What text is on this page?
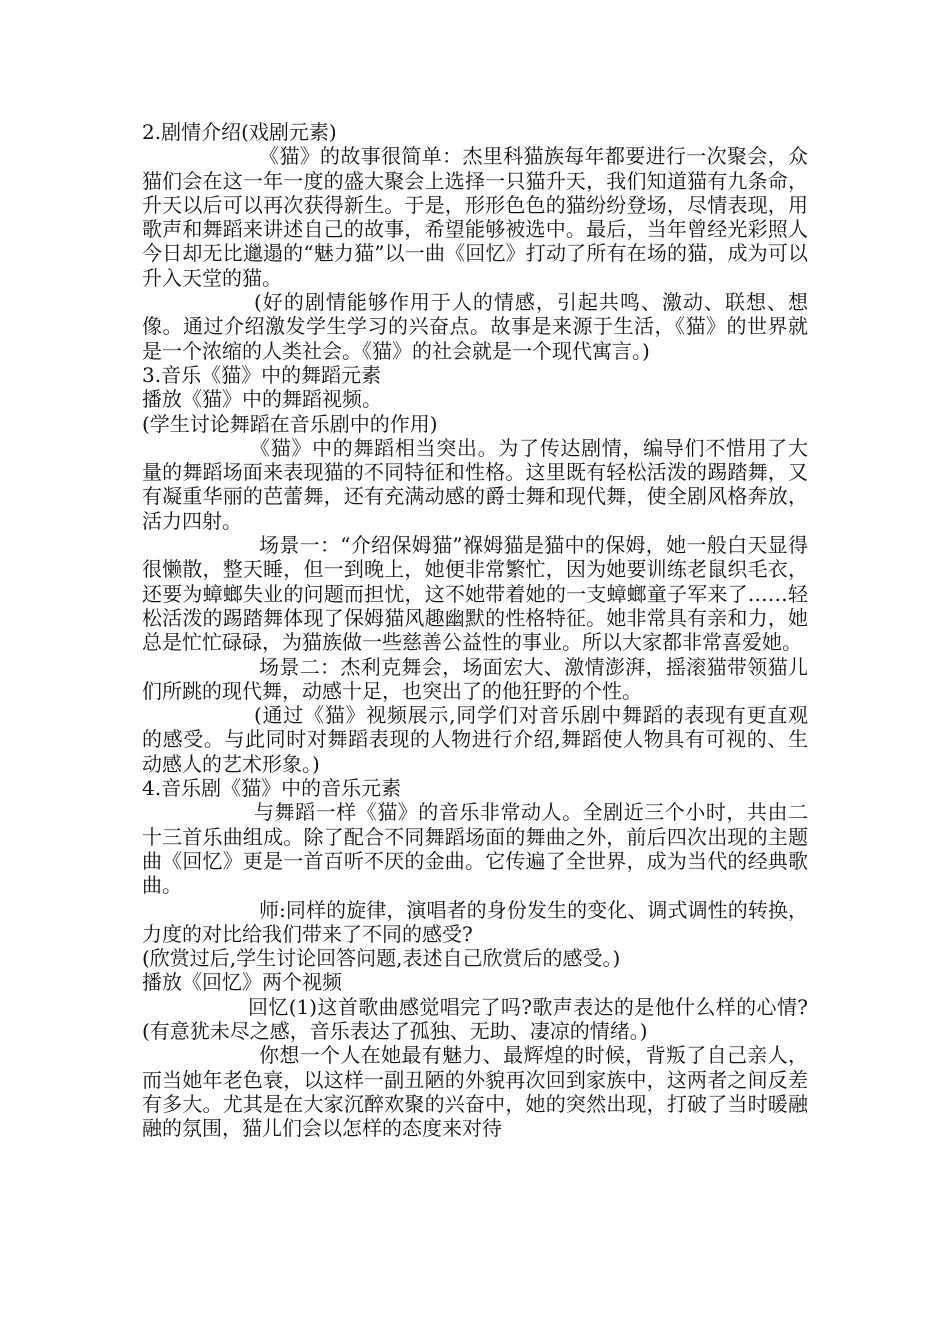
2.剧情介绍(戏剧元素)

《猫》的故事很简单：杰里科猫族每年都要进行一次聚会，众猫们会在这一年一度的盛大聚会上选择一只猫升天，我们知道猫有九条命，升天以后可以再次获得新生。于是，形形色色的猫纷纷登场，尽情表现，用歌声和舞蹈来讲述自己的故事，希望能够被选中。最后，当年曾经光彩照人今日却无比邋遢的“魅力猫”以一曲《回忆》打动了所有在场的猫，成为可以升入天堂的猫。

(好的剧情能够作用于人的情感，引起共鸣、激动、联想、想像。通过介绍激发学生学习的兴奋点。故事是来源于生活，《猫》的世界就是一个浓缩的人类社会。《猫》的社会就是一个现代寓言。)

3.音乐《猫》中的舞蹈元素

播放《猫》中的舞蹈视频。

(学生讨论舞蹈在音乐剧中的作用)

《猫》中的舞蹈相当突出。为了传达剧情，编导们不惜用了大量的舞蹈场面来表现猫的不同特征和性格。这里既有轻松活泼的踢踏舞，又有凝重华丽的芭蕾舞，还有充满动感的爵士舞和现代舞，使全剧风格奔放，活力四射。

场景一：“介绍保姆猫”褓姆猫是猫中的保姆，她一般白天显得很懒散，整天睡，但一到晚上，她便非常繁忙，因为她要训练老鼠织毛衣，还要为蟑螂失业的问题而担忧，这不她带着她的一支蟑螂童子军来了……轻松活泼的踢踏舞体现了保姆猫风趣幽默的性格特征。她非常具有亲和力，她总是忙忙碌碌，为猫族做一些慈善公益性的事业。所以大家都非常喜爱她。

场景二：杰利克舞会，场面宏大、激情澎湃，摇滚猫带领猫儿们所跳的现代舞，动感十足，也突出了的他狂野的个性。

(通过《猫》视频展示,同学们对音乐剧中舞蹈的表现有更直观的感受。与此同时对舞蹈表现的人物进行介绍,舞蹈使人物具有可视的、生动感人的艺术形象。)

4.音乐剧《猫》中的音乐元素

与舞蹈一样《猫》的音乐非常动人。全剧近三个小时，共由二十三首乐曲组成。除了配合不同舞蹈场面的舞曲之外，前后四次出现的主题曲《回忆》更是一首百听不厌的金曲。它传遍了全世界，成为当代的经典歌曲。

师:同样的旋律，演唱者的身份发生的变化、调式调性的转换，力度的对比给我们带来了不同的感受?

(欣赏过后,学生讨论回答问题,表述自己欣赏后的感受。)

播放《回忆》两个视频

回忆(1)这首歌曲感觉唱完了吗?歌声表达的是他什么样的心情?(有意犹未尽之感，音乐表达了孤独、无助、凄凉的情绪。)

你想一个人在她最有魅力、最辉煌的时候，背叛了自己亲人，而当她年老色衰，以这样一副丑陋的外貌再次回到家族中，这两者之间反差有多大。尤其是在大家沉醉欢聚的兴奋中，她的突然出现，打破了当时暖融融的氛围，猫儿们会以怎样的态度来对待
